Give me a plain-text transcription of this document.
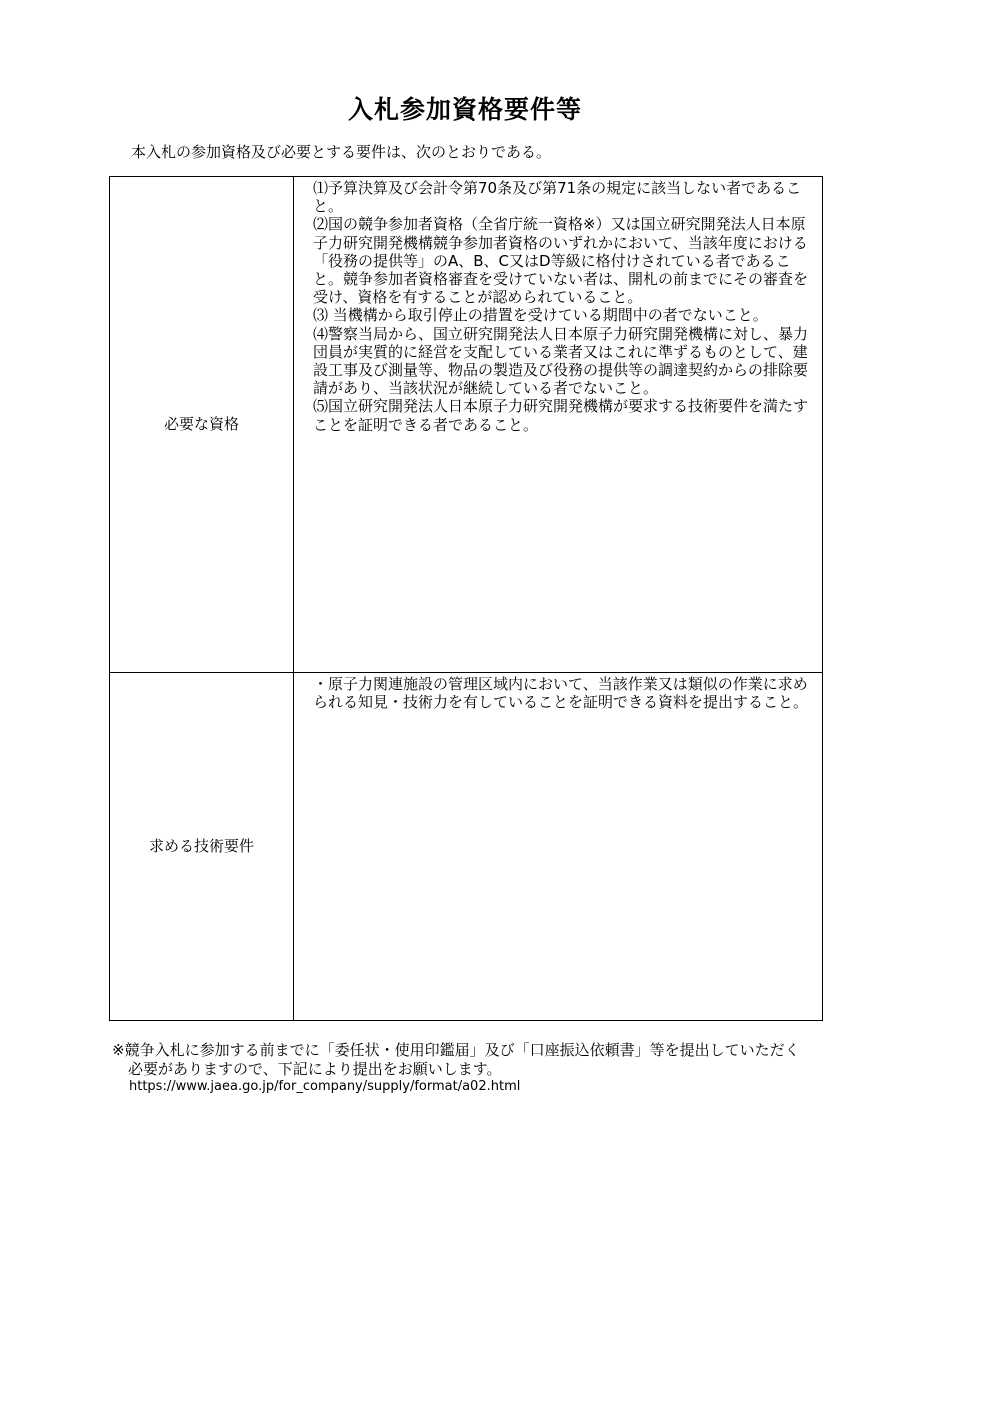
入札参加資格要件等
本入札の参加資格及び必要とする要件は、次のとおりである。
必要な資格	⑴予算決算及び会計令第70条及び第71条の規定に該当しない者であること。

⑵国の競争参加者資格（全省庁統一資格※）又は国立研究開発法人日本原子力研究開発機構競争参加者資格のいずれかにおいて、当該年度における「役務の提供等」のA、B、C又はD等級に格付けされている者であること。競争参加者資格審査を受けていない者は、開札の前までにその審査を受け、資格を有することが認められていること。

⑶ 当機構から取引停止の措置を受けている期間中の者でないこと。

⑷警察当局から、国立研究開発法人日本原子力研究開発機構に対し、暴力団員が実質的に経営を支配している業者又はこれに準ずるものとして、建設工事及び測量等、物品の製造及び役務の提供等の調達契約からの排除要請があり、当該状況が継続している者でないこと。

⑸国立研究開発法人日本原子力研究開発機構が要求する技術要件を満たすことを証明できる者であること。

求める技術要件	・原子力関連施設の管理区域内において、当該作業又は類似の作業に求められる知見・技術力を有していることを証明できる資料を提出すること。

※競争入札に参加する前までに「委任状・使用印鑑届」及び「口座振込依頼書」等を提出していただく
必要がありますので、下記により提出をお願いします。
https://www.jaea.go.jp/for_company/supply/format/a02.html
